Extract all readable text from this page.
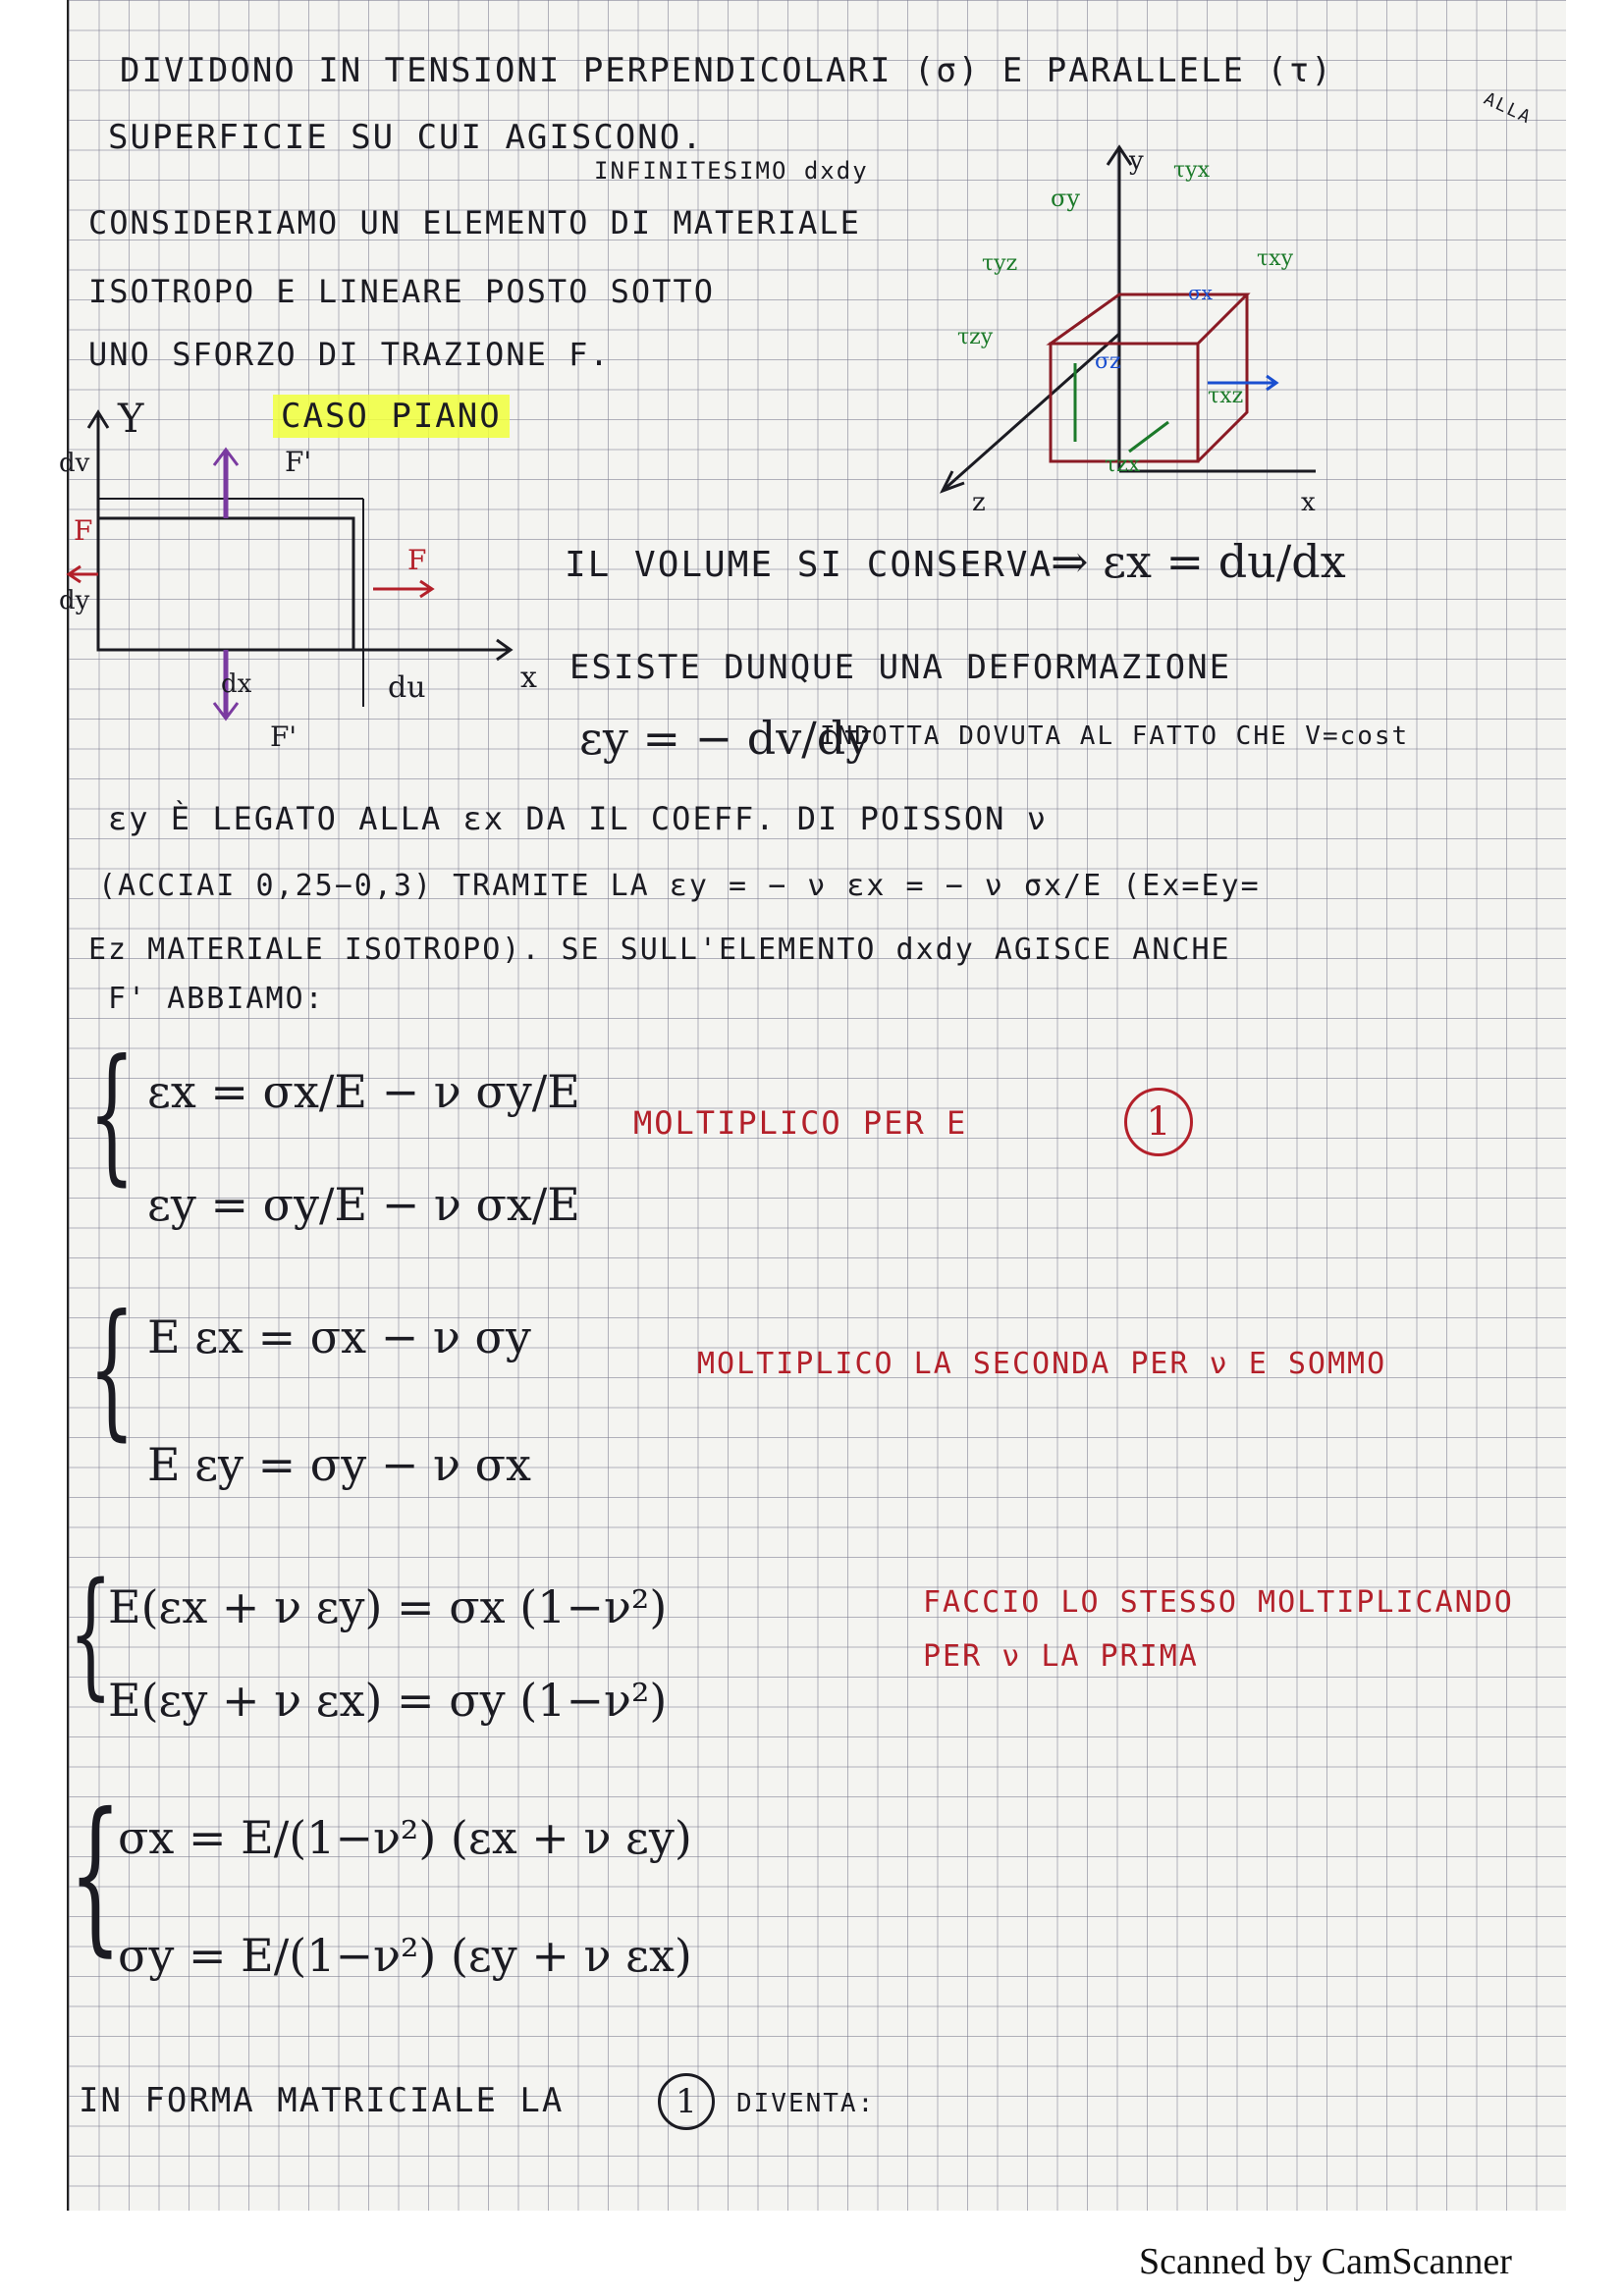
DIVIDONO IN TENSIONI PERPENDICOLARI (σ) E PARALLELE (τ)
ALLA
SUPERFICIE SU CUI AGISCONO.
INFINITESIMO dxdy
CONSIDERIAMO UN ELEMENTO DI MATERIALE
ISOTROPO E LINEARE POSTO SOTTO
UNO SFORZO DI TRAZIONE F.
CASO PIANO
y
x
z
σy
τyx
τxy
τyz
σx
τzy
σz
τxz
τzx
Y
x
dv
dy
dx	du
F
F
F'
F'
IL VOLUME SI CONSERVA
⇒ εx = du/dx
ESISTE DUNQUE UNA DEFORMAZIONE
εy = − dv/dy
INDOTTA DOVUTA AL FATTO CHE V=cost
εy È LEGATO ALLA εx DA IL COEFF. DI POISSON ν
(ACCIAI 0,25−0,3) TRAMITE LA εy = − ν εx = − ν σx/E (Ex=Ey=
Ez MATERIALE ISOTROPO). SE SULL'ELEMENTO dxdy AGISCE ANCHE
F' ABBIAMO:
{ εx = σx/E − ν σy/E
εy = σy/E − ν σx/E
MOLTIPLICO PER E	1
{ E εx = σx − ν σy
E εy = σy − ν σx
MOLTIPLICO LA SECONDA PER ν E SOMMO
{
E(εx + ν εy) = σx (1−ν²)
E(εy + ν εx) = σy (1−ν²)
FACCIO LO STESSO MOLTIPLICANDO
PER ν LA PRIMA
{
σx = E/(1−ν²) (εx + ν εy)
σy = E/(1−ν²) (εy + ν εx)
IN FORMA MATRICIALE LA	1	DIVENTA:
Scanned by CamScanner
